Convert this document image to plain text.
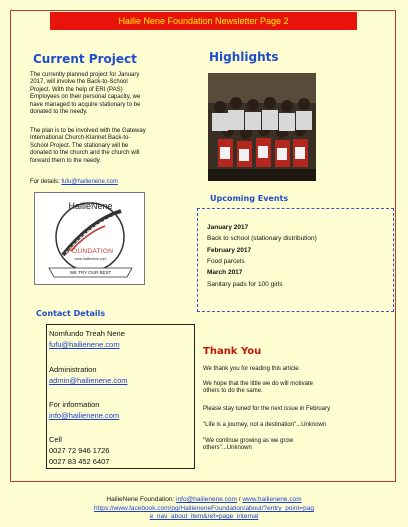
Hailie Nene Foundation Newsletter Page 2
Current Project
The currently planned project for January
2017, will involve the Back-to-School
Project. With the help of ERI (PAS)
Employees on their personal capacity, we
have managed to acquire stationary to be
donated to the needy.
The plan is to be involved with the Gateway
International Church-Klarinet Back-to-
School Project. The stationary will be
donated to the church and the church will
forward them to the needy.
For details: fufu@hailienene.com
HailieNene
FOUNDATION
www.hailienene.com
WE TRY OUR BEST
Highlights
Upcoming Events
January 2017
Back to school (stationary distribution)
February 2017
Food parcels
March 2017
Sanitary pads for 100 girls
Contact Details
Nomfundo Treah Nene
fufu@hailienene.com
Administration
admin@hailienene.com
For information
info@hailienene.com
Cell
0027 72 946 1726
0027 83 452 6407
Thank You
We thank you for reading this article.
We hope that the little we do will motivate
others to do the same.
Please stay tuned for the next issue in February
"Life is a journey, not a destination"...Unknown
"We continue growing as we grow
others"...Unknown
HailieNene Foundation: info@hailienene.com / www.hailienene.com
https://www.facebook.com/pg/HailieneneFoundation/about/?entry_point=pag
e_nav_about_item&ref=page_internal
